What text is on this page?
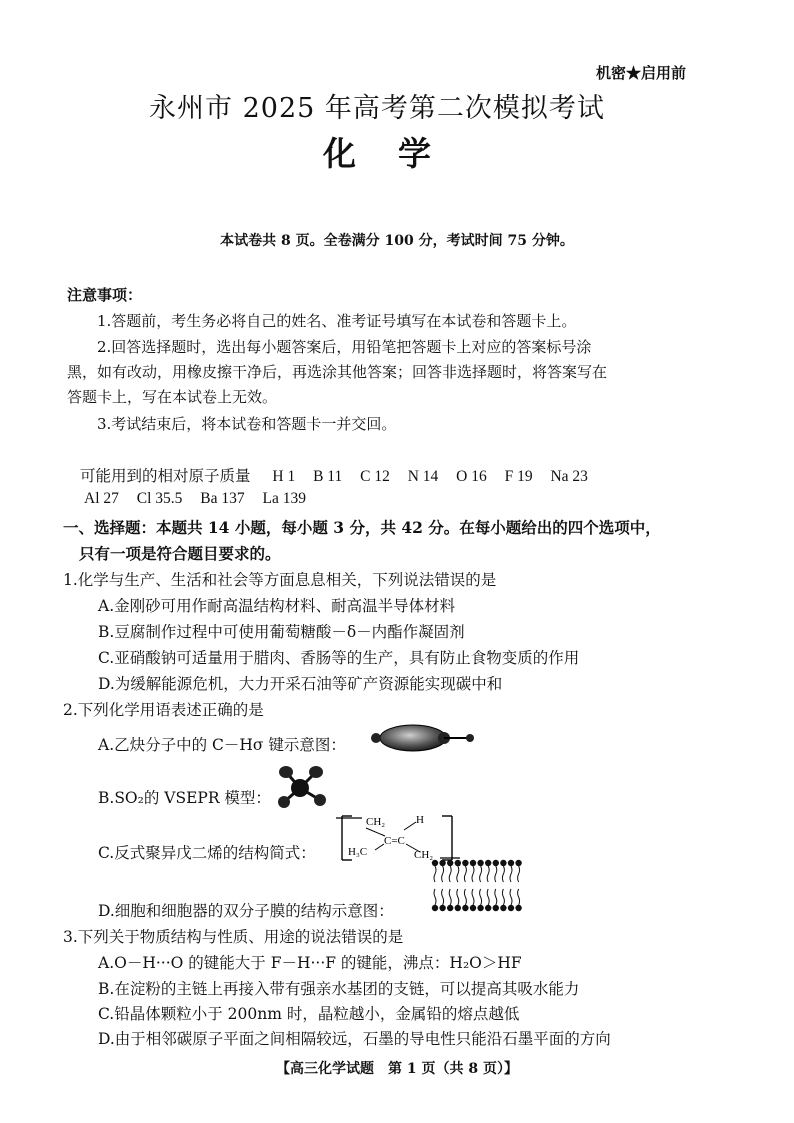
机密★启用前
永州市 2025 年高考第二次模拟考试
化学
本试卷共 8 页。全卷满分 100 分，考试时间 75 分钟。
注意事项：
1.答题前，考生务必将自己的姓名、准考证号填写在本试卷和答题卡上。
2.回答选择题时，选出每小题答案后，用铅笔把答题卡上对应的答案标号涂
黑，如有改动，用橡皮擦干净后，再选涂其他答案；回答非选择题时，将答案写在
答题卡上，写在本试卷上无效。
3.考试结束后，将本试卷和答题卡一并交回。
可能用到的相对原子质量 H 1 B 11 C 12 N 14 O 16 F 19 Na 23
Al 27 Cl 35.5 Ba 137 La 139
一、选择题：本题共 14 小题，每小题 3 分，共 42 分。在每小题给出的四个选项中，
只有一项是符合题目要求的。
1.化学与生产、生活和社会等方面息息相关，下列说法错误的是
A.金刚砂可用作耐高温结构材料、耐高温半导体材料
B.豆腐制作过程中可使用葡萄糖酸－δ－内酯作凝固剂
C.亚硝酸钠可适量用于腊肉、香肠等的生产，具有防止食物变质的作用
D.为缓解能源危机，大力开采石油等矿产资源能实现碳中和
2.下列化学用语表述正确的是
A.乙炔分子中的 C－Hσ 键示意图：
B.SO₂的 VSEPR 模型：
C.反式聚异戊二烯的结构简式：
CH₂	H
C=C
H₃C	CH₂
D.细胞和细胞器的双分子膜的结构示意图：
3.下列关于物质结构与性质、用途的说法错误的是
A.O－H···O 的键能大于 F－H···F 的键能，沸点：H₂O＞HF
B.在淀粉的主链上再接入带有强亲水基团的支链，可以提高其吸水能力
C.铅晶体颗粒小于 200nm 时，晶粒越小，金属铅的熔点越低
D.由于相邻碳原子平面之间相隔较远，石墨的导电性只能沿石墨平面的方向
【高三化学试题　第 1 页（共 8 页）】
